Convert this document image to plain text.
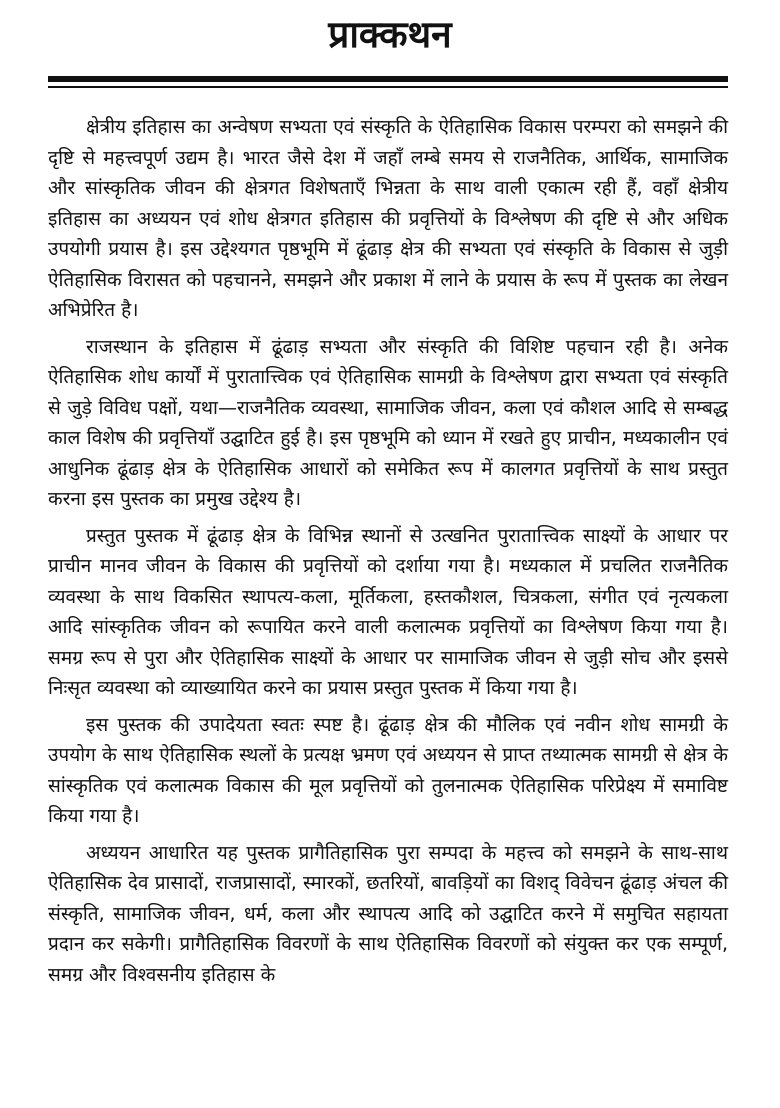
प्राक्कथन

क्षेत्रीय इतिहास का अन्वेषण सभ्यता एवं संस्कृति के ऐतिहासिक विकास परम्परा को समझने की दृष्टि से महत्त्वपूर्ण उद्यम है। भारत जैसे देश में जहाँ लम्बे समय से राजनैतिक, आर्थिक, सामाजिक और सांस्कृतिक जीवन की क्षेत्रगत विशेषताएँ भिन्नता के साथ वाली एकात्म रही हैं, वहाँ क्षेत्रीय इतिहास का अध्ययन एवं शोध क्षेत्रगत इतिहास की प्रवृत्तियों के विश्लेषण की दृष्टि से और अधिक उपयोगी प्रयास है। इस उद्देश्यगत पृष्ठभूमि में ढूंढाड़ क्षेत्र की सभ्यता एवं संस्कृति के विकास से जुड़ी ऐतिहासिक विरासत को पहचानने, समझने और प्रकाश में लाने के प्रयास के रूप में पुस्तक का लेखन अभिप्रेरित है।

राजस्थान के इतिहास में ढूंढाड़ सभ्यता और संस्कृति की विशिष्ट पहचान रही है। अनेक ऐतिहासिक शोध कार्यों में पुरातात्त्विक एवं ऐतिहासिक सामग्री के विश्लेषण द्वारा सभ्यता एवं संस्कृति से जुड़े विविध पक्षों, यथा—राजनैतिक व्यवस्था, सामाजिक जीवन, कला एवं कौशल आदि से सम्बद्ध काल विशेष की प्रवृत्तियाँ उद्घाटित हुई है। इस पृष्ठभूमि को ध्यान में रखते हुए प्राचीन, मध्यकालीन एवं आधुनिक ढूंढाड़ क्षेत्र के ऐतिहासिक आधारों को समेकित रूप में कालगत प्रवृत्तियों के साथ प्रस्तुत करना इस पुस्तक का प्रमुख उद्देश्य है।

प्रस्तुत पुस्तक में ढूंढाड़ क्षेत्र के विभिन्न स्थानों से उत्खनित पुरातात्त्विक साक्ष्यों के आधार पर प्राचीन मानव जीवन के विकास की प्रवृत्तियों को दर्शाया गया है। मध्यकाल में प्रचलित राजनैतिक व्यवस्था के साथ विकसित स्थापत्य-कला, मूर्तिकला, हस्तकौशल, चित्रकला, संगीत एवं नृत्यकला आदि सांस्कृतिक जीवन को रूपायित करने वाली कलात्मक प्रवृत्तियों का विश्लेषण किया गया है। समग्र रूप से पुरा और ऐतिहासिक साक्ष्यों के आधार पर सामाजिक जीवन से जुड़ी सोच और इससे निःसृत व्यवस्था को व्याख्यायित करने का प्रयास प्रस्तुत पुस्तक में किया गया है।

इस पुस्तक की उपादेयता स्वतः स्पष्ट है। ढूंढाड़ क्षेत्र की मौलिक एवं नवीन शोध सामग्री के उपयोग के साथ ऐतिहासिक स्थलों के प्रत्यक्ष भ्रमण एवं अध्ययन से प्राप्त तथ्यात्मक सामग्री से क्षेत्र के सांस्कृतिक एवं कलात्मक विकास की मूल प्रवृत्तियों को तुलनात्मक ऐतिहासिक परिप्रेक्ष्य में समाविष्ट किया गया है।

अध्ययन आधारित यह पुस्तक प्रागैतिहासिक पुरा सम्पदा के महत्त्व को समझने के साथ-साथ ऐतिहासिक देव प्रासादों, राजप्रासादों, स्मारकों, छतरियों, बावड़ियों का विशद् विवेचन ढूंढाड़ अंचल की संस्कृति, सामाजिक जीवन, धर्म, कला और स्थापत्य आदि को उद्घाटित करने में समुचित सहायता प्रदान कर सकेगी। प्रागैतिहासिक विवरणों के साथ ऐतिहासिक विवरणों को संयुक्त कर एक सम्पूर्ण, समग्र और विश्वसनीय इतिहास के
